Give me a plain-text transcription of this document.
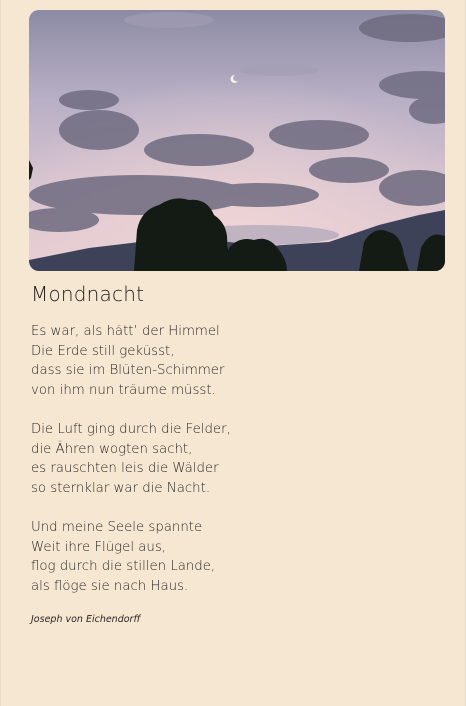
Mondnacht
Es war, als hätt’ der Himmel
Die Erde still geküsst,
dass sie im Blüten-Schimmer
von ihm nun träume müsst.
Die Luft ging durch die Felder,
die Ähren wogten sacht,
es rauschten leis die Wälder
so sternklar war die Nacht.
Und meine Seele spannte
Weit ihre Flügel aus,
flog durch die stillen Lande,
als flöge sie nach Haus.
Joseph von Eichendorff
